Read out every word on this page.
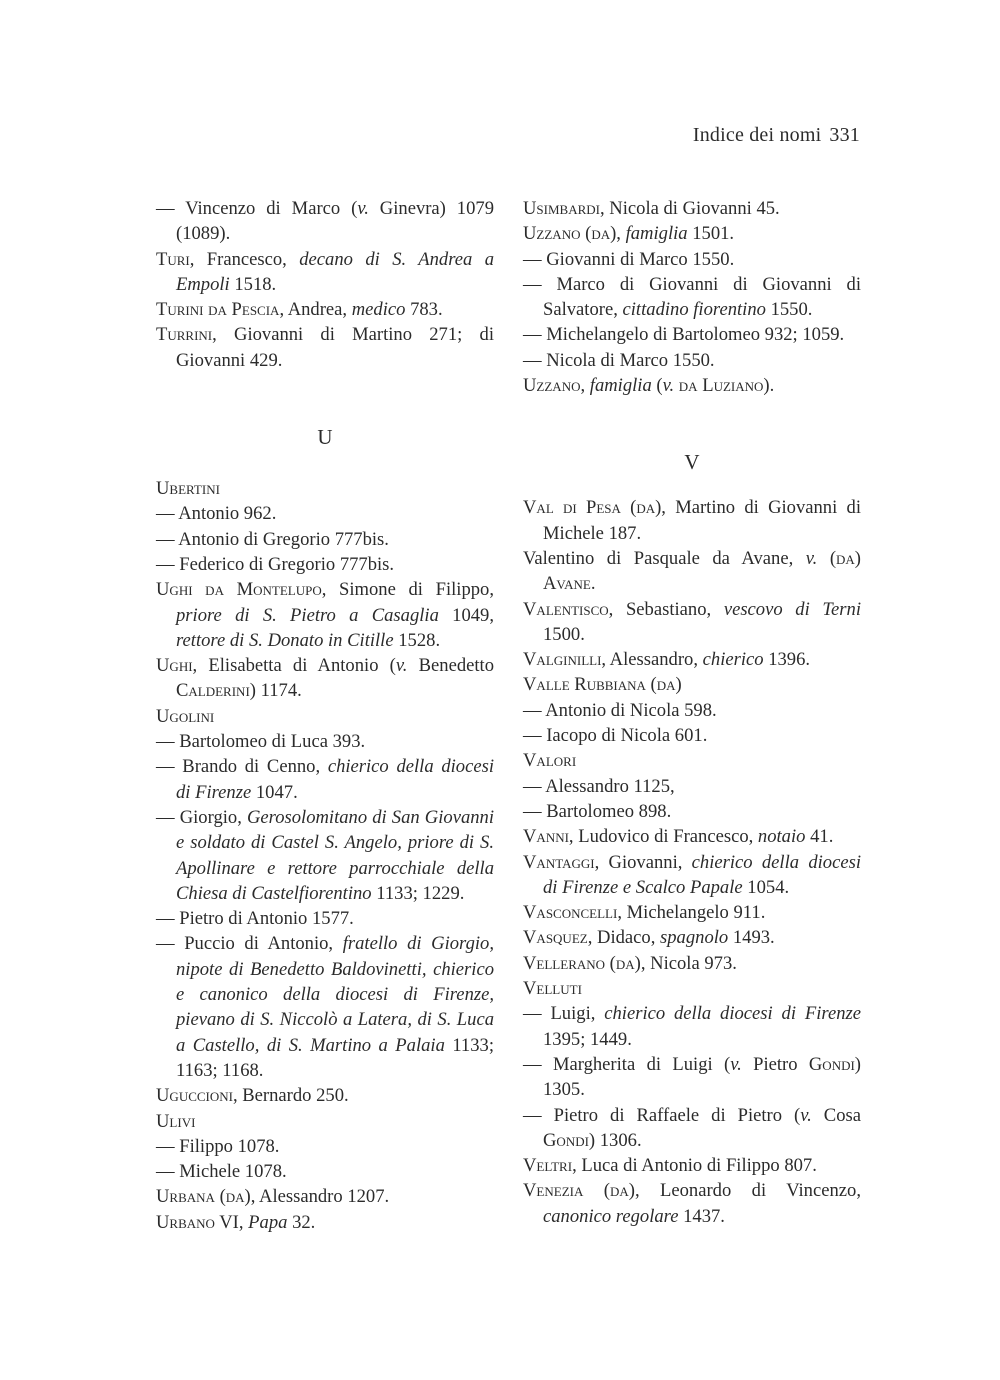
Indice dei nomi 331

— Vincenzo di Marco (v. Ginevra) 1079 (1089).

Turi, Francesco, decano di S. Andrea a Empoli 1518.

Turini da Pescia, Andrea, medico 783.

Turrini, Giovanni di Martino 271; di Giovanni 429.

U

Ubertini

— Antonio 962.

— Antonio di Gregorio 777bis.

— Federico di Gregorio 777bis.

Ughi da Montelupo, Simone di Filippo, priore di S. Pietro a Casaglia 1049, rettore di S. Donato in Citille 1528.

Ughi, Elisabetta di Antonio (v. Benedetto Calderini) 1174.

Ugolini

— Bartolomeo di Luca 393.

— Brando di Cenno, chierico della diocesi di Firenze 1047.

— Giorgio, Gerosolomitano di San Giovanni e soldato di Castel S. Angelo, priore di S. Apollinare e rettore parrocchiale della Chiesa di Castelfiorentino 1133; 1229.

— Pietro di Antonio 1577.

— Puccio di Antonio, fratello di Giorgio, nipote di Benedetto Baldovinetti, chierico e canonico della diocesi di Firenze, pievano di S. Niccolò a Latera, di S. Luca a Castello, di S. Martino a Palaia 1133; 1163; 1168.

Uguccioni, Bernardo 250.

Ulivi

— Filippo 1078.

— Michele 1078.

Urbana (da), Alessandro 1207.

Urbano VI, Papa 32.

Usimbardi, Nicola di Giovanni 45.

Uzzano (da), famiglia 1501.

— Giovanni di Marco 1550.

— Marco di Giovanni di Giovanni di Salvatore, cittadino fiorentino 1550.

— Michelangelo di Bartolomeo 932; 1059.

— Nicola di Marco 1550.

Uzzano, famiglia (v. da Luziano).

V

Val di Pesa (da), Martino di Giovanni di Michele 187.

Valentino di Pasquale da Avane, v. (da) Avane.

Valentisco, Sebastiano, vescovo di Terni 1500.

Valginilli, Alessandro, chierico 1396.

Valle Rubbiana (da)

— Antonio di Nicola 598.

— Iacopo di Nicola 601.

Valori

— Alessandro 1125,

— Bartolomeo 898.

Vanni, Ludovico di Francesco, notaio 41.

Vantaggi, Giovanni, chierico della diocesi di Firenze e Scalco Papale 1054.

Vasconcelli, Michelangelo 911.

Vasquez, Didaco, spagnolo 1493.

Vellerano (da), Nicola 973.

Velluti

— Luigi, chierico della diocesi di Firenze 1395; 1449.

— Margherita di Luigi (v. Pietro Gondi) 1305.

— Pietro di Raffaele di Pietro (v. Cosa Gondi) 1306.

Veltri, Luca di Antonio di Filippo 807.

Venezia (da), Leonardo di Vincenzo, canonico regolare 1437.
